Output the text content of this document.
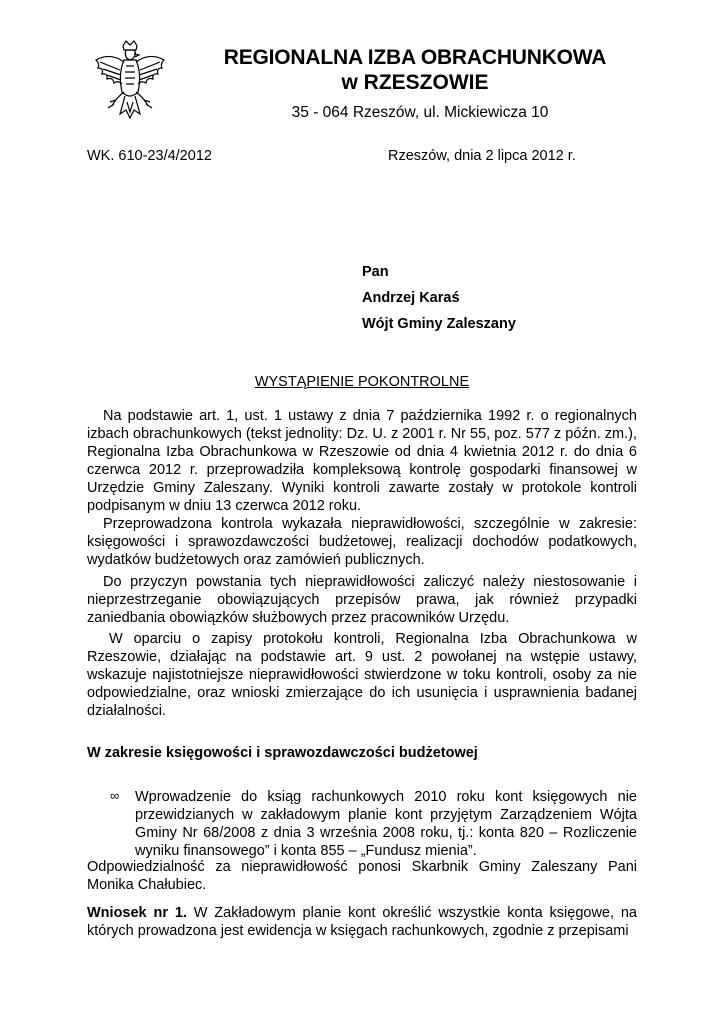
REGIONALNA IZBA OBRACHUNKOWA
w RZESZOWIE
35 - 064 Rzeszów, ul. Mickiewicza 10
WK. 610-23/4/2012	Rzeszów, dnia 2 lipca 2012 r.
Pan
Andrzej Karaś
Wójt Gminy Zaleszany
WYSTĄPIENIE POKONTROLNE

Na podstawie art. 1, ust. 1 ustawy z dnia 7 października 1992 r. o regionalnych izbach obrachunkowych (tekst jednolity: Dz. U. z 2001 r. Nr 55, poz. 577 z późn. zm.), Regionalna Izba Obrachunkowa w Rzeszowie od dnia 4 kwietnia 2012 r. do dnia 6 czerwca 2012 r. przeprowadziła kompleksową kontrolę gospodarki finansowej w Urzędzie Gminy Zaleszany. Wyniki kontroli zawarte zostały w protokole kontroli podpisanym w dniu 13 czerwca 2012 roku.

Przeprowadzona kontrola wykazała nieprawidłowości, szczególnie w zakresie: księgowości i sprawozdawczości budżetowej, realizacji dochodów podatkowych, wydatków budżetowych oraz zamówień publicznych.

Do przyczyn powstania tych nieprawidłowości zaliczyć należy niestosowanie i nieprzestrzeganie obowiązujących przepisów prawa, jak również przypadki zaniedbania obowiązków służbowych przez pracowników Urzędu.

W oparciu o zapisy protokołu kontroli, Regionalna Izba Obrachunkowa w Rzeszowie, działając na podstawie art. 9 ust. 2 powołanej na wstępie ustawy, wskazuje najistotniejsze nieprawidłowości stwierdzone w toku kontroli, osoby za nie odpowiedzialne, oraz wnioski zmierzające do ich usunięcia i usprawnienia badanej działalności.

W zakresie księgowości i sprawozdawczości budżetowej
∞ Wprowadzenie do ksiąg rachunkowych 2010 roku kont księgowych nie przewidzianych w zakładowym planie kont przyjętym Zarządzeniem Wójta Gminy Nr 68/2008 z dnia 3 września 2008 roku, tj.: konta 820 – Rozliczenie wyniku finansowego” i konta 855 – „Fundusz mienia”.

Odpowiedzialność za nieprawidłowość ponosi Skarbnik Gminy Zaleszany Pani Monika Chałubiec.

Wniosek nr 1. W Zakładowym planie kont określić wszystkie konta księgowe, na których prowadzona jest ewidencja w księgach rachunkowych, zgodnie z przepisami
